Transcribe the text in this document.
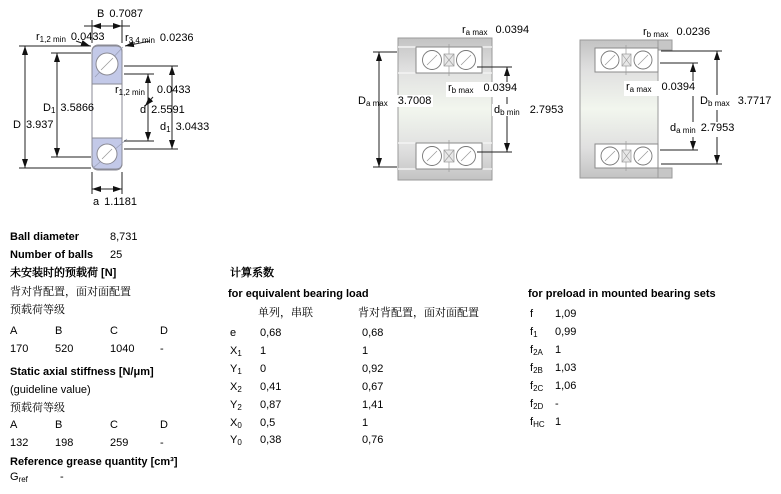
B 0.7087
r1,2 min 0.0433 r3,4 min 0.0236
r1,2 min 0.0433
D1 3.5866
D 3.937
d 2.5591
d1 3.0433
a 1.1181
ra max 0.0394
rb max 0.0394
Da max 3.7008
db min 2.7953
rb max 0.0236
ra max 0.0394
Db max 3.7717
da min 2.7953
Ball diameter	8,731
Number of balls 25
未安装时的预载荷 [N]
背对背配置，面对面配置
预载荷等级
A	B	C	D
170 520	1040 -
Static axial stiffness [N/μm]
(guideline value)
预载荷等级
A	B	C	D
132 198	259	-
Reference grease quantity [cm³]
Gref	-
计算系数
for equivalent bearing load
单列，串联	背对背配置，面对面配置
e 0,68	0,68
X1 1	1
Y1 0	0,92
X2 0,41	0,67
Y2 0,87	1,41
X0 0,5	1
Y0 0,38	0,76
for preload in mounted bearing sets
f 1,09
f1 0,99
f2A 1
f2B 1,03
f2C 1,06
f2D -
fHC 1
